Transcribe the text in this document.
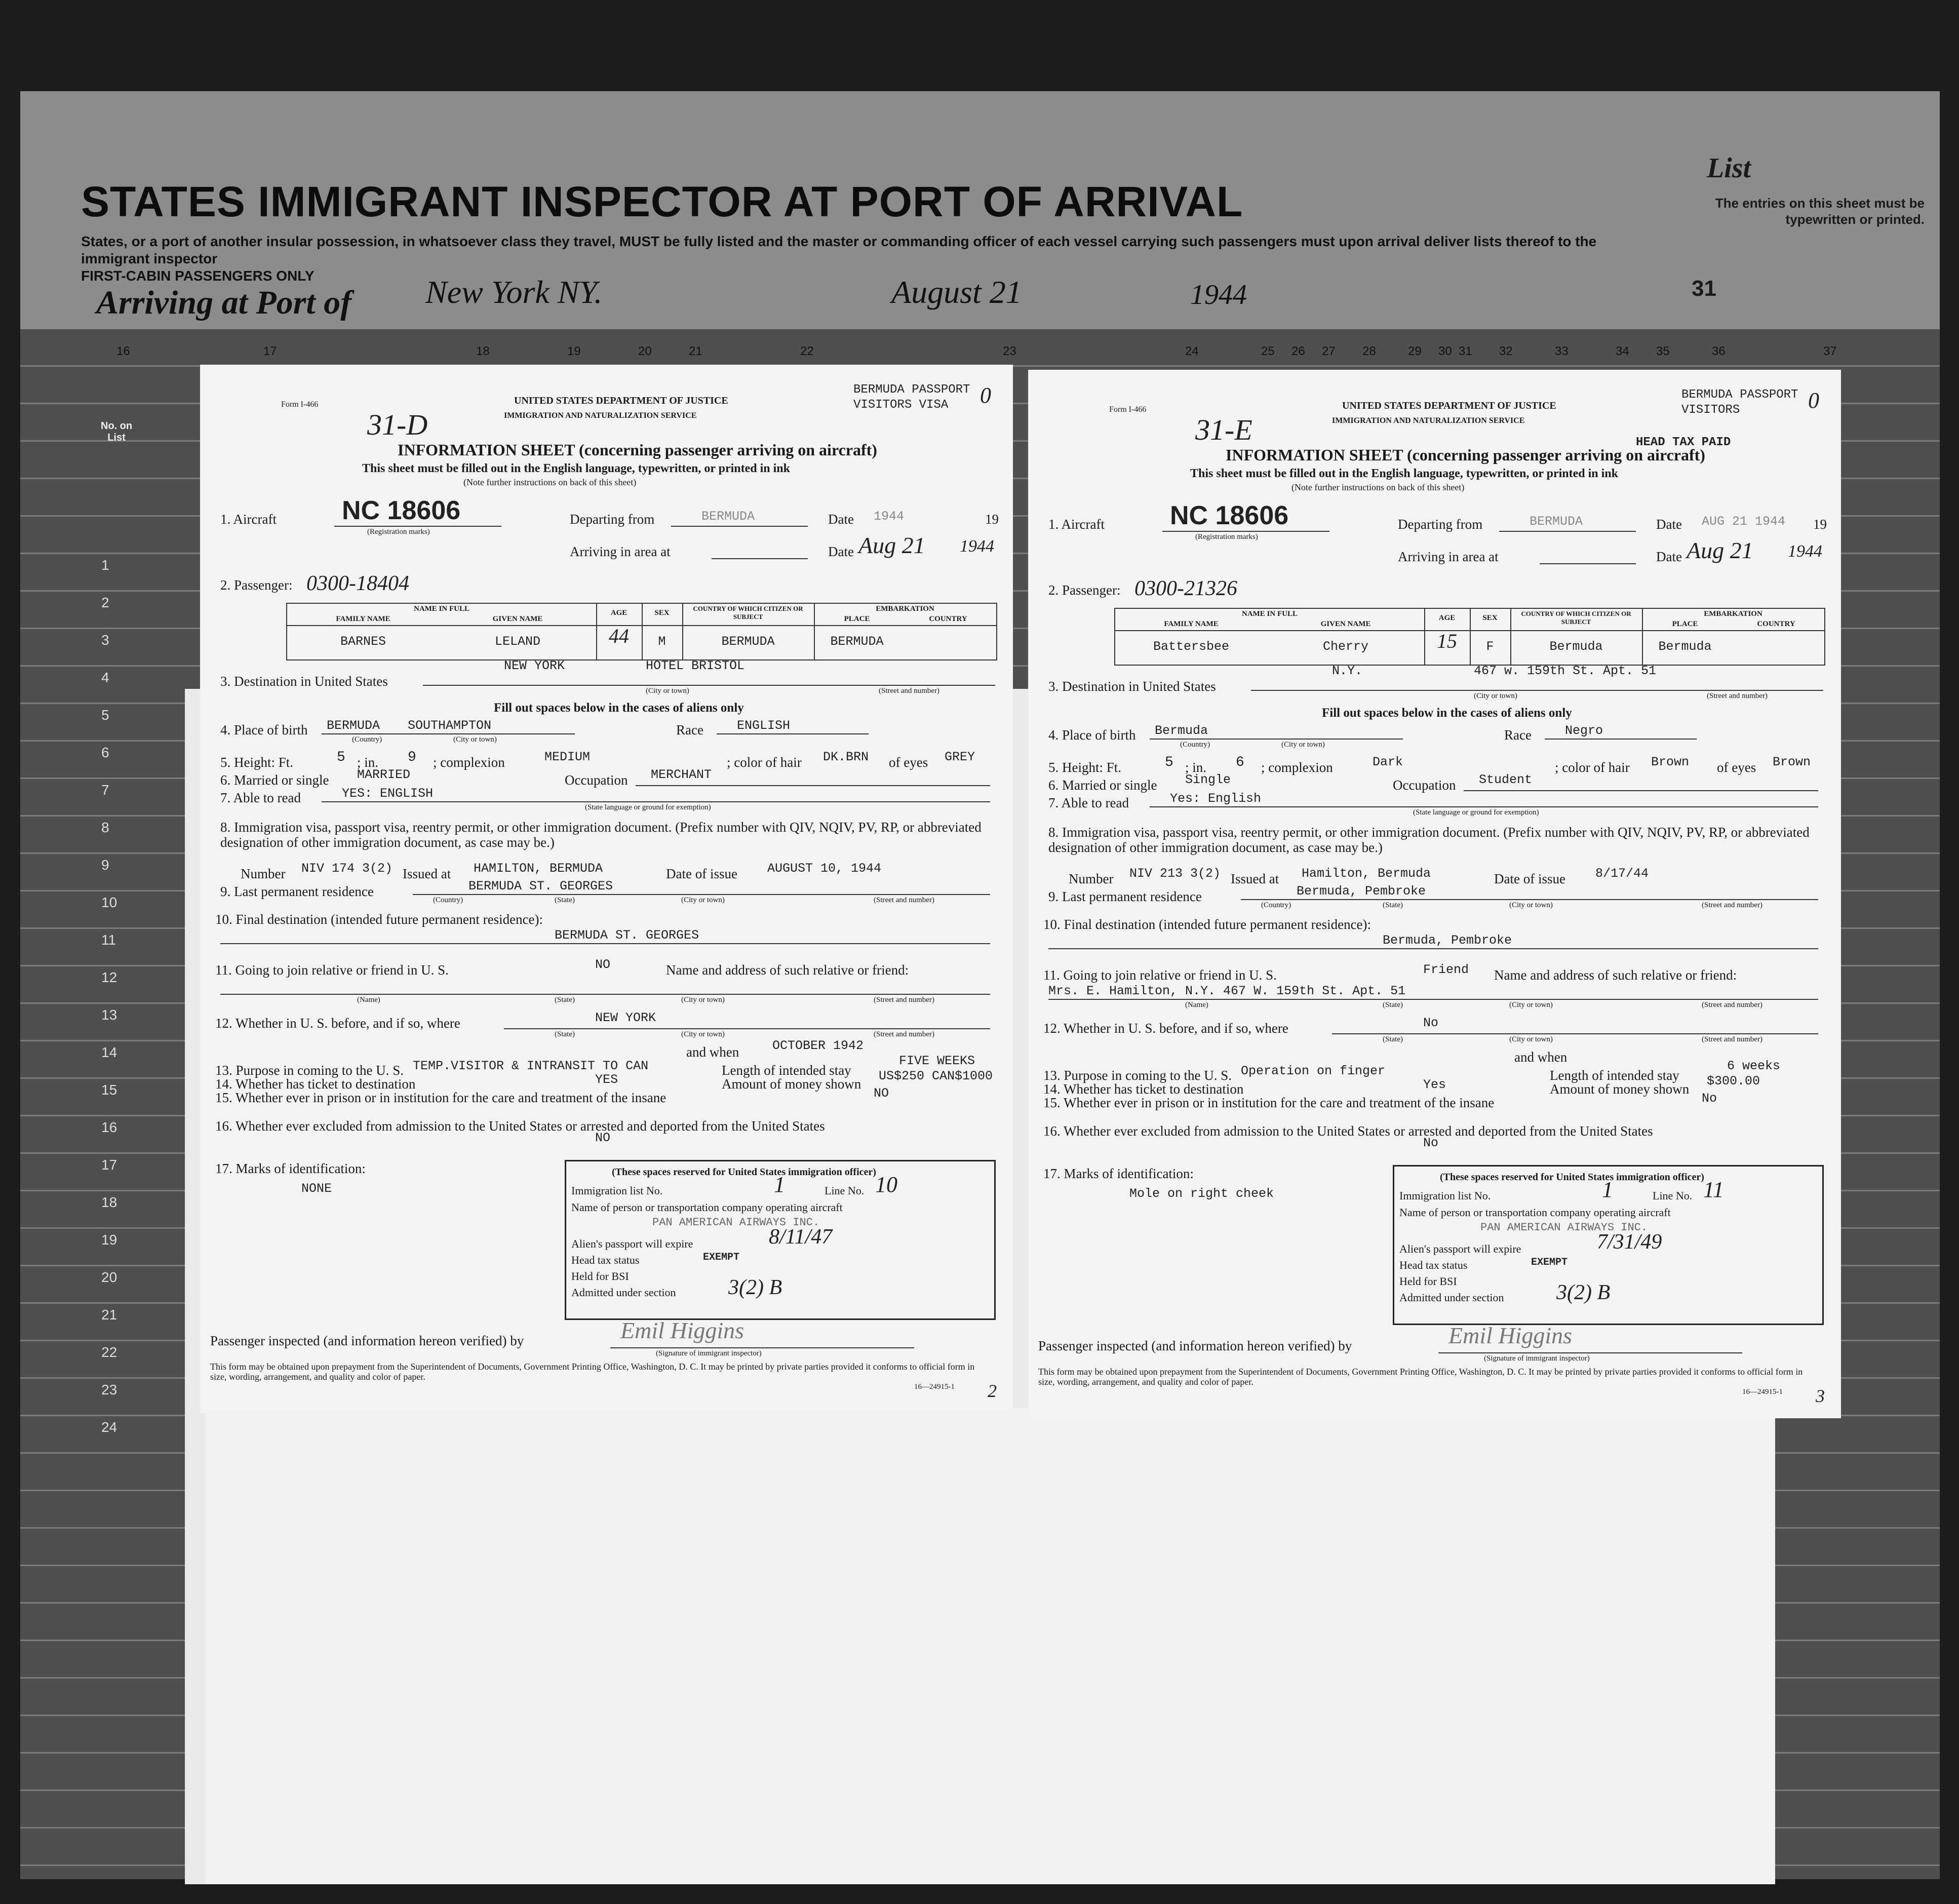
STATES IMMIGRANT INSPECTOR AT PORT OF ARRIVAL
States, or a port of another insular possession, in whatsoever class they travel, MUST be fully listed and the master or commanding officer of each vessel carrying such passengers must upon arrival deliver lists thereof to the immigrant inspector
FIRST-CABIN PASSENGERS ONLY
Arriving at Port of New York NY.	August 21	1944
List
The entries on this sheet must be typewritten or printed.
31
16	17	18	19	20	21	22	23	24	25 26 27 28	29 30 31 32	33	34 35	36	37
1
2
3
4
5
6
7
8
9
10
11
12
13
14
15
16
17
18
19
20
21
22
23
24
No. on List
Form I-466
31-D
UNITED STATES DEPARTMENT OF JUSTICE
IMMIGRATION AND NATURALIZATION SERVICE
BERMUDA PASSPORT
VISITORS VISA	0
INFORMATION SHEET (concerning passenger arriving on aircraft)
This sheet must be filled out in the English language, typewritten, or printed in ink
(Note further instructions on back of this sheet)
1. Aircraft NC 18606
(Registration marks)
Departing from	BERMUDA	Date 1944	19
Arriving in area at	Date Aug 21 1944
2. Passenger: 0300-18404
NAME IN FULL
FAMILY NAME	GIVEN NAME
AGE	SEX
COUNTRY OF WHICH CITIZEN OR SUBJECT
EMBARKATION
PLACE	COUNTRY
BARNES	LELAND	44	M	BERMUDA	BERMUDA
3. Destination in United States
NEW YORK	HOTEL BRISTOL
(City or town)	(Street and number)
Fill out spaces below in the cases of aliens only
4. Place of birth BERMUDA SOUTHAMPTON
(Country)	(City or town)
Race	ENGLISH
5. Height: Ft.	5 ; in. 9 ; complexion	MEDIUM	; color of hair DK.BRN of eyes GREY
6. Married or single MARRIED	Occupation MERCHANT
7. Able to read	YES: ENGLISH
(State language or ground for exemption)
8. Immigration visa, passport visa, reentry permit, or other immigration document. (Prefix number with QIV, NQIV, PV, RP, or abbreviated designation of other immigration document, as case may be.)
Number NIV 174 3(2) Issued at HAMILTON, BERMUDA	Date of issue AUGUST 10, 1944
9. Last permanent residence	BERMUDA ST. GEORGES
(Country)	(State)	(City or town)	(Street and number)
10. Final destination (intended future permanent residence):
BERMUDA ST. GEORGES
11. Going to join relative or friend in U. S.	NO	Name and address of such relative or friend:
(Name)	(State)	(City or town)	(Street and number)
12. Whether in U. S. before, and if so, where	NEW YORK
(State)	(City or town)	(Street and number)
and when	OCTOBER 1942
13. Purpose in coming to the U. S. TEMP.VISITOR & INTRANSIT TO CAN	Length of intended stay
FIVE WEEKS
14. Whether has ticket to destination	YES	Amount of money shown
US$250 CAN$1000
15. Whether ever in prison or in institution for the care and treatment of the insane	NO
16. Whether ever excluded from admission to the United States or arrested and deported from the United States
NO
17. Marks of identification:
NONE
(These spaces reserved for United States immigration officer)
Immigration list No.	1	Line No. 10
Name of person or transportation company operating aircraft
PAN AMERICAN AIRWAYS INC.
Alien's passport will expire	8/11/47
Head tax status	EXEMPT
Held for BSI
Admitted under section 3(2) B
Passenger inspected (and information hereon verified) by	Emil Higgins
(Signature of immigrant inspector)
This form may be obtained upon prepayment from the Superintendent of Documents, Government Printing Office, Washington, D. C. It may be printed by private parties provided it conforms to official form in size, wording, arrangement, and quality and color of paper.
16—24915-1 2
Form I-466
31-E
UNITED STATES DEPARTMENT OF JUSTICE
IMMIGRATION AND NATURALIZATION SERVICE
BERMUDA PASSPORT
VISITORS	0
HEAD TAX PAID
INFORMATION SHEET (concerning passenger arriving on aircraft)
This sheet must be filled out in the English language, typewritten, or printed in ink
(Note further instructions on back of this sheet)
1. Aircraft NC 18606
(Registration marks)
Departing from	BERMUDA	Date AUG 21 1944 19
Arriving in area at	Date Aug 21 1944
2. Passenger: 0300-21326
NAME IN FULL
FAMILY NAME	GIVEN NAME
AGE	SEX
COUNTRY OF WHICH CITIZEN OR SUBJECT
EMBARKATION
PLACE	COUNTRY
Battersbee	Cherry	15	F	Bermuda	Bermuda
3. Destination in United States
N.Y.	467 w. 159th St. Apt. 51
(City or town)	(Street and number)
Fill out spaces below in the cases of aliens only
4. Place of birth Bermuda
(Country)	(City or town)
Race	Negro
5. Height: Ft.	5 ; in. 6 ; complexion	Dark	; color of hair Brown of eyes Brown
6. Married or single Single	Occupation Student
7. Able to read	Yes: English
(State language or ground for exemption)
8. Immigration visa, passport visa, reentry permit, or other immigration document. (Prefix number with QIV, NQIV, PV, RP, or abbreviated designation of other immigration document, as case may be.)
Number NIV 213 3(2) Issued at Hamilton, Bermuda	Date of issue 8/17/44
9. Last permanent residence	Bermuda, Pembroke
(Country)	(State)	(City or town)	(Street and number)
10. Final destination (intended future permanent residence):
Bermuda, Pembroke
11. Going to join relative or friend in U. S.	Friend Name and address of such relative or friend:
Mrs. E. Hamilton, N.Y. 467 W. 159th St. Apt. 51
(Name)	(State)	(City or town)	(Street and number)
12. Whether in U. S. before, and if so, where	No
(State)	(City or town)	(Street and number)
and when
13. Purpose in coming to the U. S. Operation on finger	Length of intended stay
6 weeks
14. Whether has ticket to destination	Yes	Amount of money shown
$300.00
15. Whether ever in prison or in institution for the care and treatment of the insane	No
16. Whether ever excluded from admission to the United States or arrested and deported from the United States
No
17. Marks of identification:
Mole on right cheek
(These spaces reserved for United States immigration officer)
Immigration list No.	1	Line No. 11
Name of person or transportation company operating aircraft
PAN AMERICAN AIRWAYS INC.
Alien's passport will expire	7/31/49
Head tax status	EXEMPT
Held for BSI
Admitted under section 3(2) B
Passenger inspected (and information hereon verified) by	Emil Higgins
(Signature of immigrant inspector)
This form may be obtained upon prepayment from the Superintendent of Documents, Government Printing Office, Washington, D. C. It may be printed by private parties provided it conforms to official form in size, wording, arrangement, and quality and color of paper.
16—24915-1 3
